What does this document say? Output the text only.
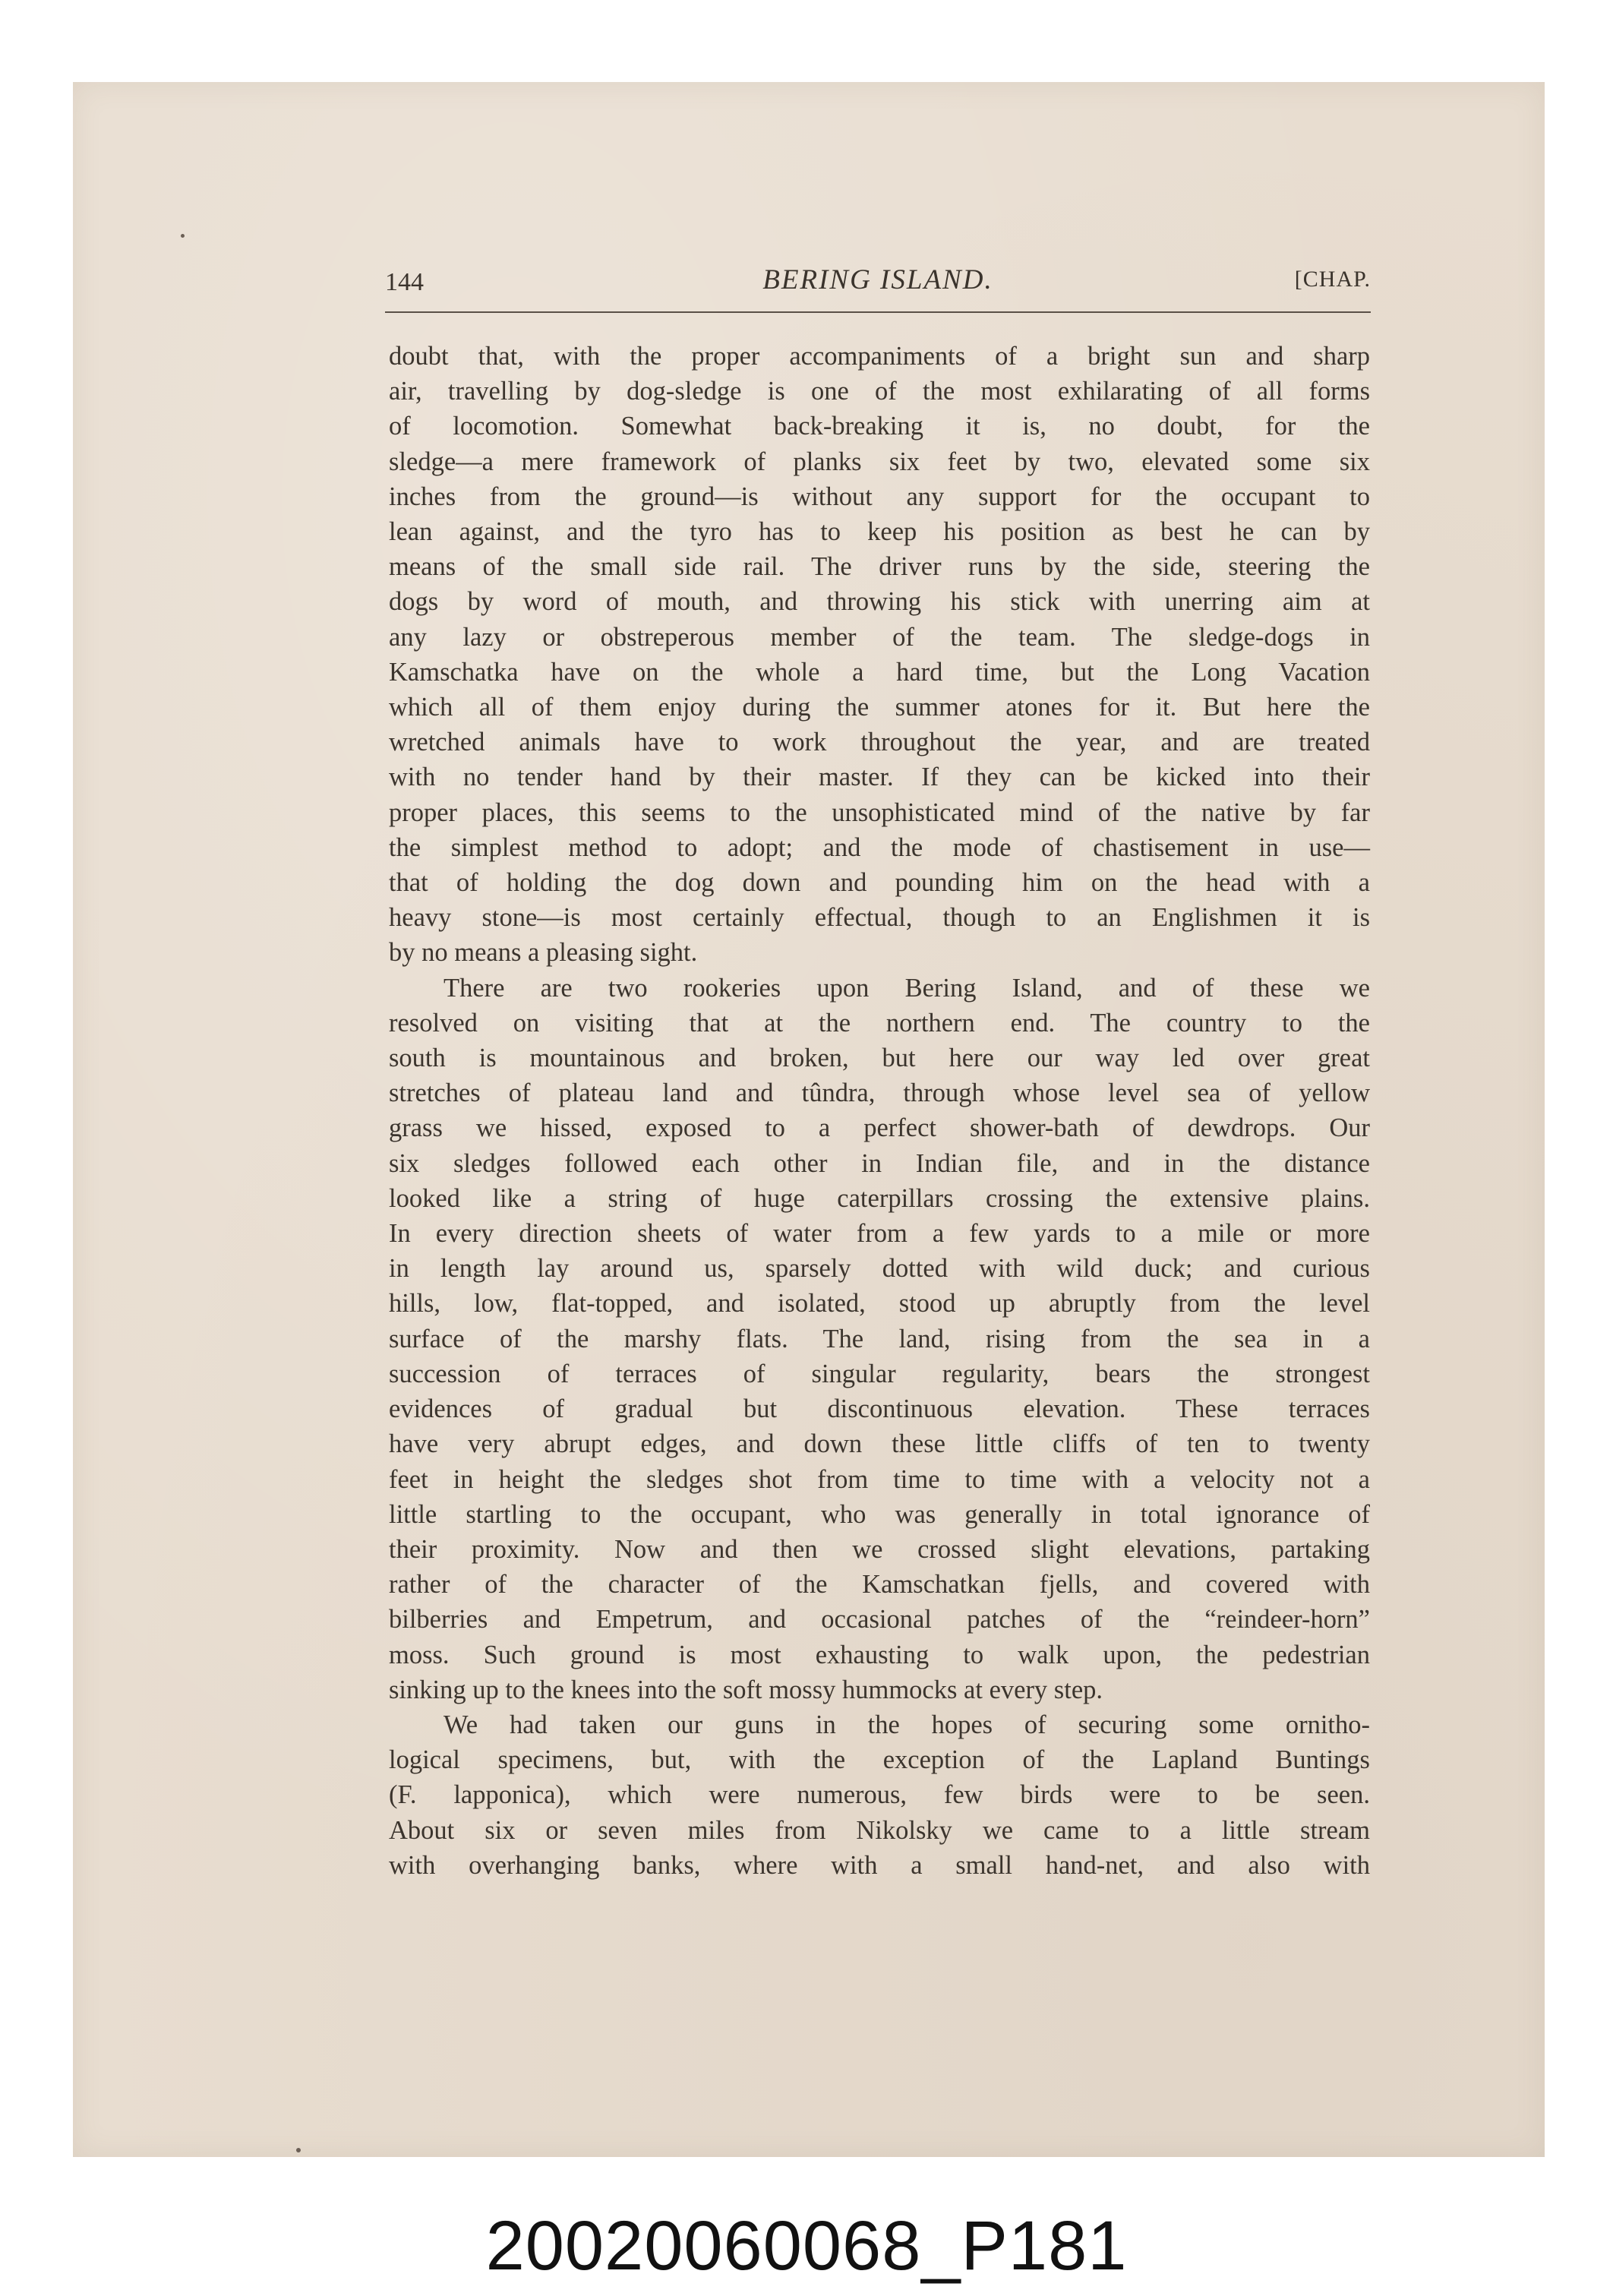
144	BERING ISLAND.	[CHAP.
doubt that, with the proper accompaniments of a bright sun and sharp
air, travelling by dog-sledge is one of the most exhilarating of all forms
of locomotion. Somewhat back-breaking it is, no doubt, for the
sledge—a mere framework of planks six feet by two, elevated some six
inches from the ground—is without any support for the occupant to
lean against, and the tyro has to keep his position as best he can by
means of the small side rail. The driver runs by the side, steering the
dogs by word of mouth, and throwing his stick with unerring aim at
any lazy or obstreperous member of the team. The sledge-dogs in
Kamschatka have on the whole a hard time, but the Long Vacation
which all of them enjoy during the summer atones for it. But here the
wretched animals have to work throughout the year, and are treated
with no tender hand by their master. If they can be kicked into their
proper places, this seems to the unsophisticated mind of the native by far
the simplest method to adopt; and the mode of chastisement in use—
that of holding the dog down and pounding him on the head with a
heavy stone—is most certainly effectual, though to an Englishmen it is
by no means a pleasing sight.
There are two rookeries upon Bering Island, and of these we
resolved on visiting that at the northern end. The country to the
south is mountainous and broken, but here our way led over great
stretches of plateau land and tûndra, through whose level sea of yellow
grass we hissed, exposed to a perfect shower-bath of dewdrops. Our
six sledges followed each other in Indian file, and in the distance
looked like a string of huge caterpillars crossing the extensive plains.
In every direction sheets of water from a few yards to a mile or more
in length lay around us, sparsely dotted with wild duck; and curious
hills, low, flat-topped, and isolated, stood up abruptly from the level
surface of the marshy flats. The land, rising from the sea in a
succession of terraces of singular regularity, bears the strongest
evidences of gradual but discontinuous elevation. These terraces
have very abrupt edges, and down these little cliffs of ten to twenty
feet in height the sledges shot from time to time with a velocity not a
little startling to the occupant, who was generally in total ignorance of
their proximity. Now and then we crossed slight elevations, partaking
rather of the character of the Kamschatkan fjells, and covered with
bilberries and Empetrum, and occasional patches of the “reindeer-horn”
moss. Such ground is most exhausting to walk upon, the pedestrian
sinking up to the knees into the soft mossy hummocks at every step.
We had taken our guns in the hopes of securing some ornitho-
logical specimens, but, with the exception of the Lapland Buntings
(F. lapponica), which were numerous, few birds were to be seen.
About six or seven miles from Nikolsky we came to a little stream
with overhanging banks, where with a small hand-net, and also with
20020060068_P181
